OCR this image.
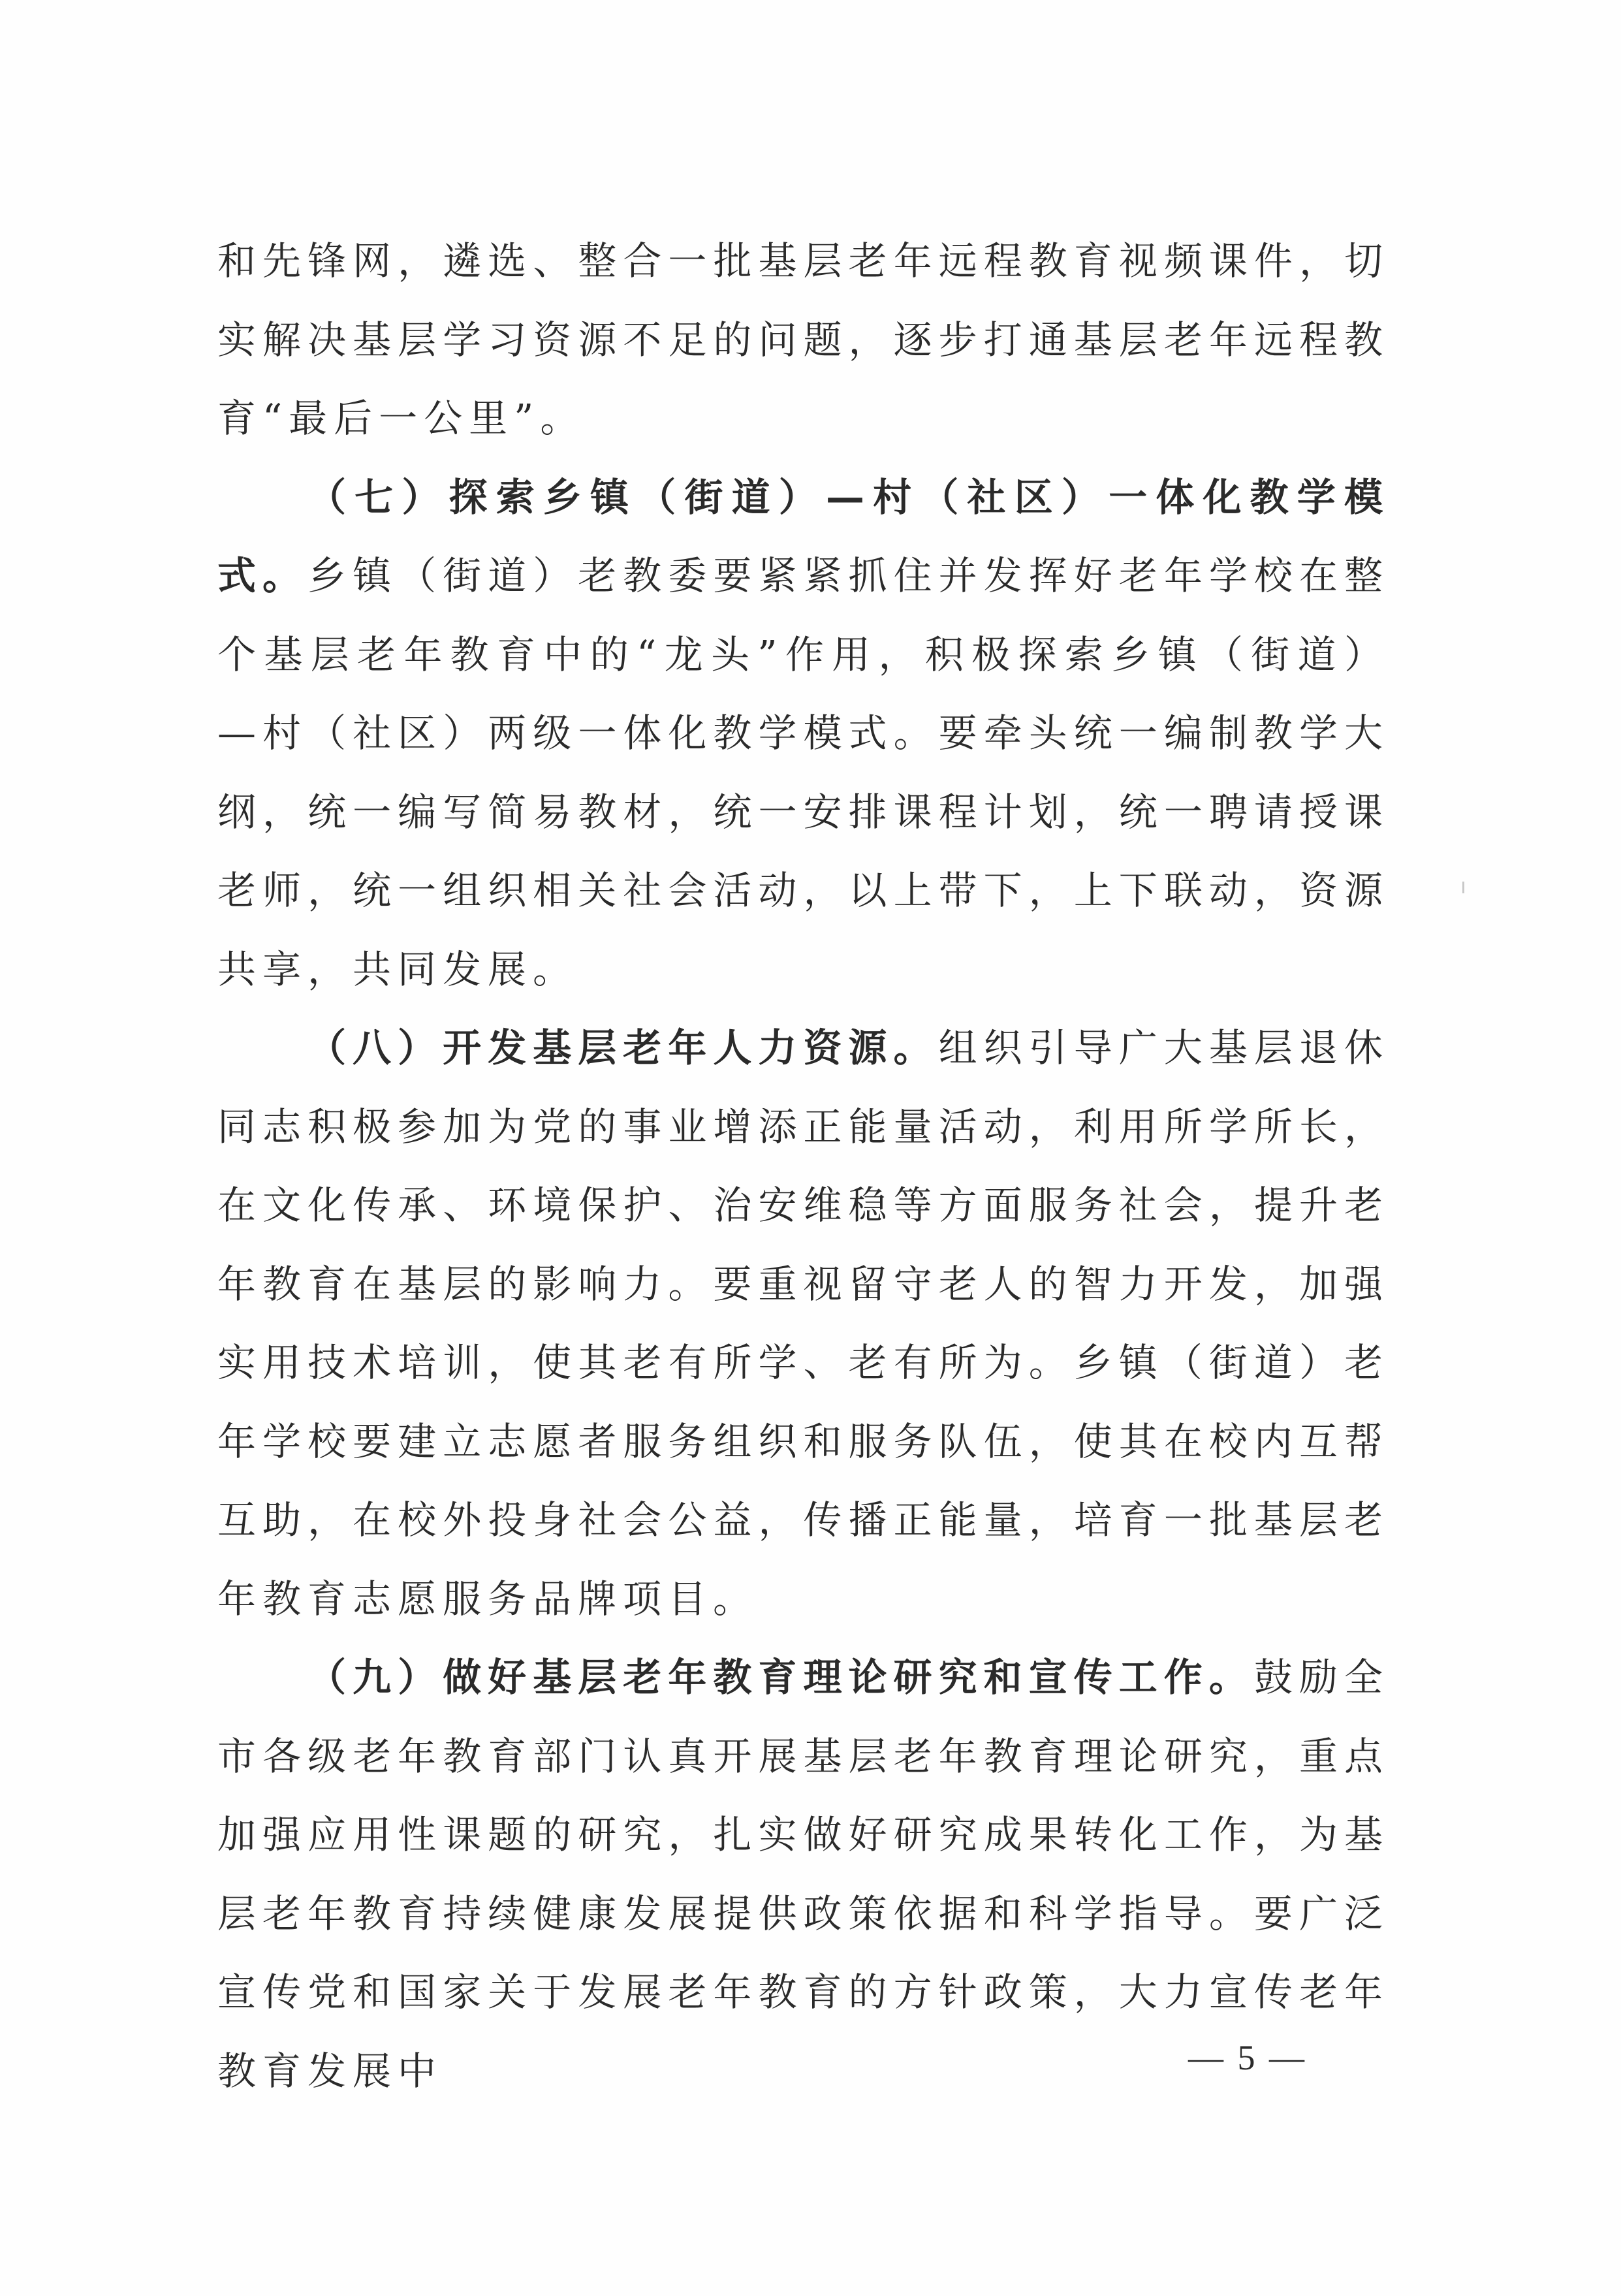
和先锋网，遴选、整合一批基层老年远程教育视频课件，切实解决基层学习资源不足的问题，逐步打通基层老年远程教育“最后一公里”。

（七）探索乡镇（街道）—村（社区）一体化教学模式。乡镇（街道）老教委要紧紧抓住并发挥好老年学校在整个基层老年教育中的“龙头”作用，积极探索乡镇（街道）—村（社区）两级一体化教学模式。要牵头统一编制教学大纲，统一编写简易教材，统一安排课程计划，统一聘请授课老师，统一组织相关社会活动，以上带下，上下联动，资源共享，共同发展。

（八）开发基层老年人力资源。组织引导广大基层退休同志积极参加为党的事业增添正能量活动，利用所学所长，在文化传承、环境保护、治安维稳等方面服务社会，提升老年教育在基层的影响力。要重视留守老人的智力开发，加强实用技术培训，使其老有所学、老有所为。乡镇（街道）老年学校要建立志愿者服务组织和服务队伍，使其在校内互帮互助，在校外投身社会公益，传播正能量，培育一批基层老年教育志愿服务品牌项目。

（九）做好基层老年教育理论研究和宣传工作。鼓励全市各级老年教育部门认真开展基层老年教育理论研究，重点加强应用性课题的研究，扎实做好研究成果转化工作，为基层老年教育持续健康发展提供政策依据和科学指导。要广泛宣传党和国家关于发展老年教育的方针政策，大力宣传老年教育发展中	— 5 —
